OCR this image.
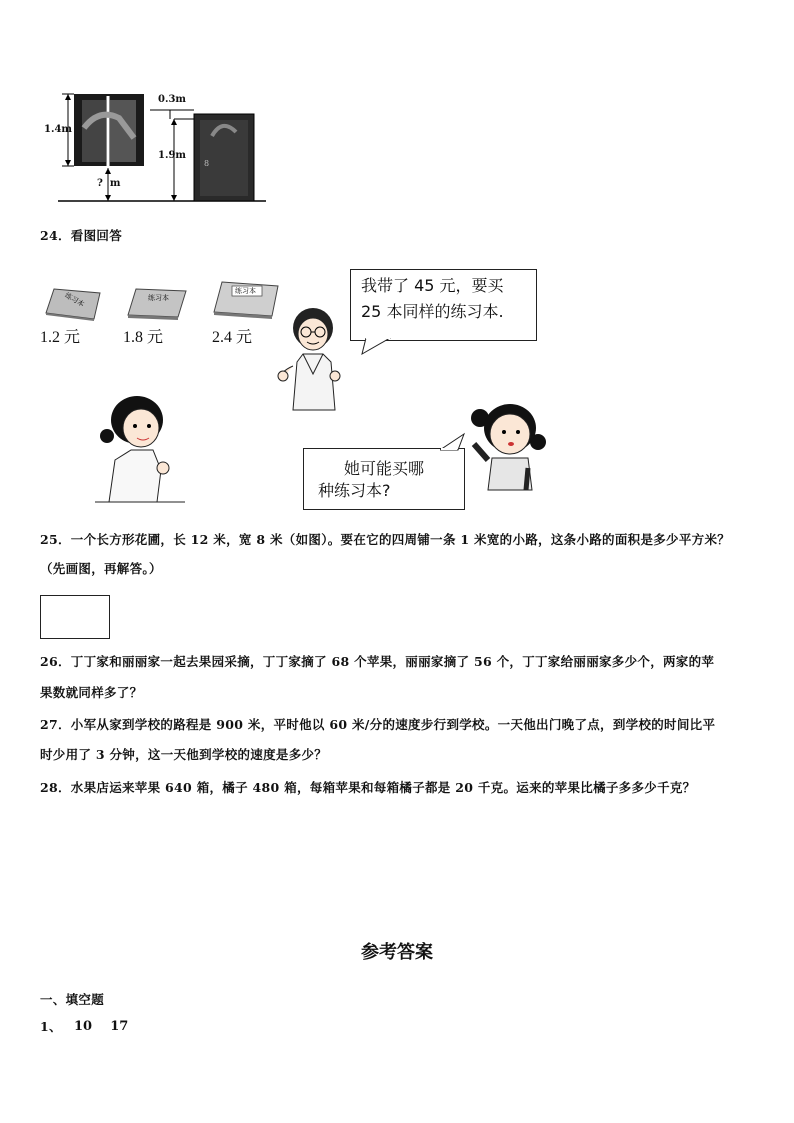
8
1.4m
0.3m
1.9m
?  m
24．看图回答
练习本
1.2 元
练习本
1.8 元
练习本
2.4 元
我带了 45 元，要买
25 本同样的练习本.
她可能买哪
种练习本?
25．一个长方形花圃，长 12 米，宽 8 米（如图）。要在它的四周铺一条 1 米宽的小路，这条小路的面积是多少平方米？
（先画图，再解答。）
26．丁丁家和丽丽家一起去果园采摘，丁丁家摘了 68 个苹果，丽丽家摘了 56 个，丁丁家给丽丽家多少个，两家的苹
果数就同样多了？
27．小军从家到学校的路程是 900 米，平时他以 60 米/分的速度步行到学校。一天他出门晚了点，到学校的时间比平
时少用了 3 分钟，这一天他到学校的速度是多少？
28．水果店运来苹果 640 箱，橘子 480 箱，每箱苹果和每箱橘子都是 20 千克。运来的苹果比橘子多多少千克？
参考答案
一、填空题
1、 10    17
